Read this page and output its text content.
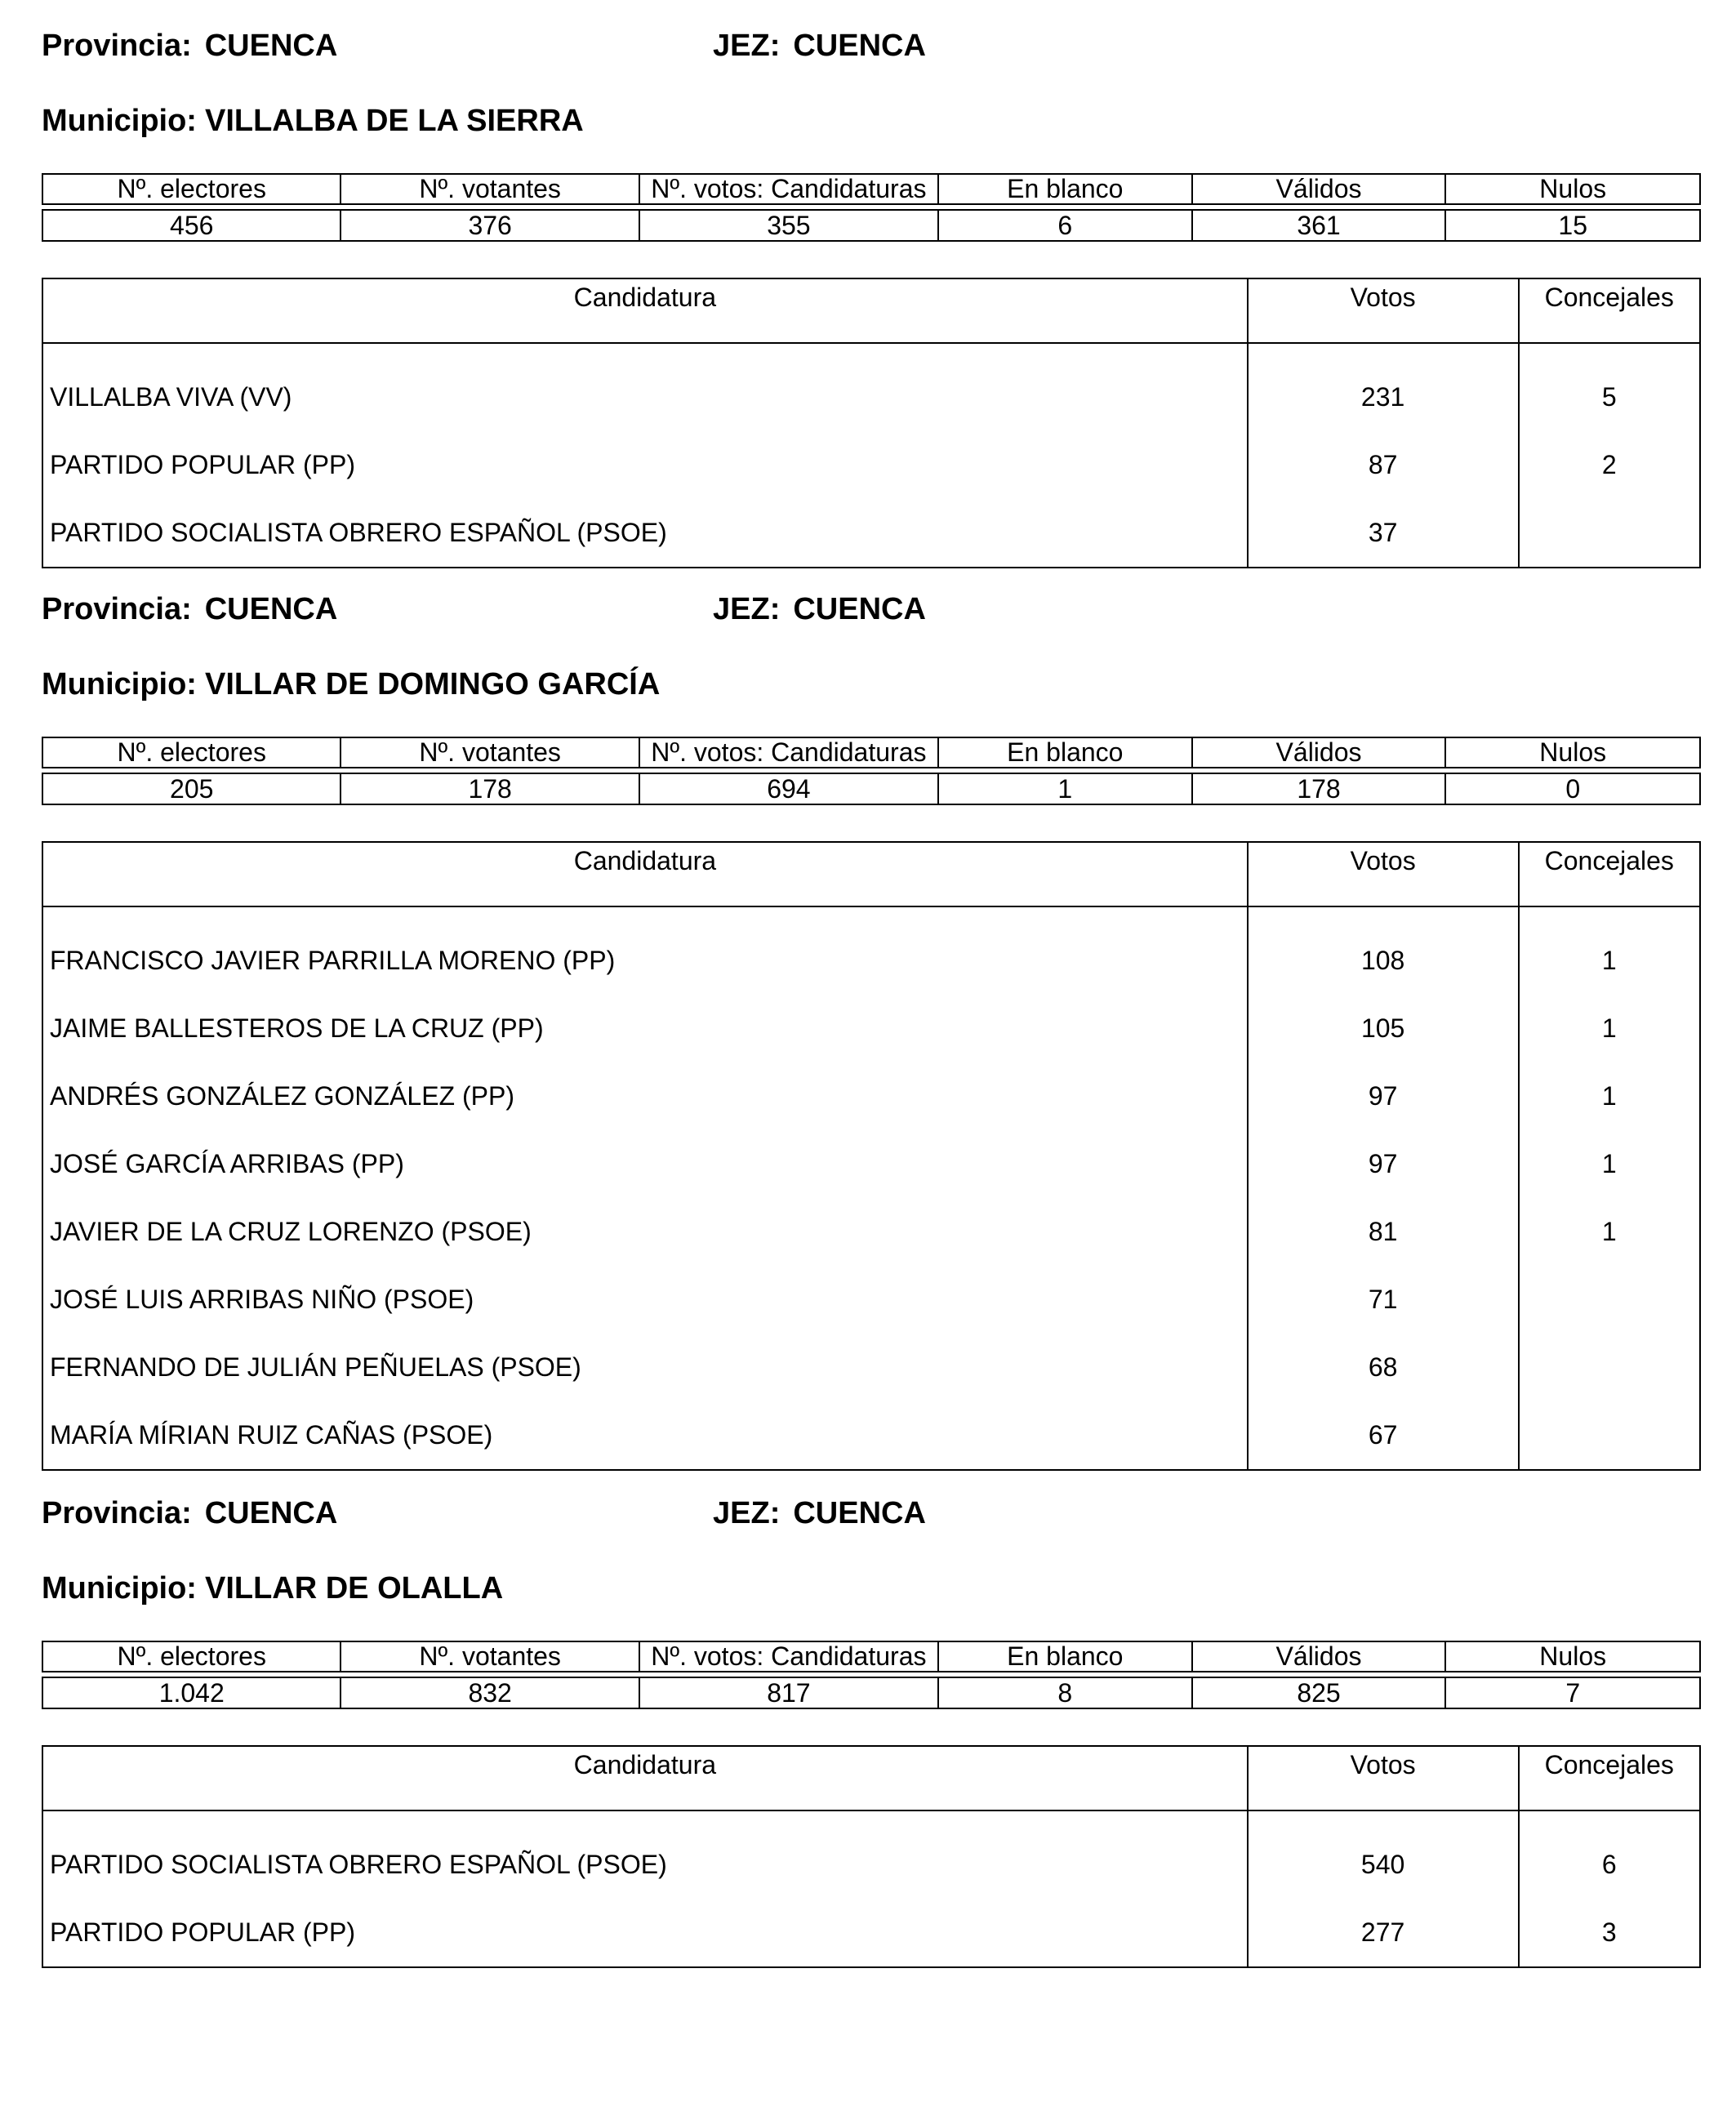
Provincia: CUENCA	JEZ: CUENCA
Municipio: VILLALBA DE LA SIERRA
Nº. electores	Nº. votantes	Nº. votos: Candidaturas	En blanco	Válidos	Nulos

456	376	355	6	361	15
Candidatura	Votos	Concejales
VILLALBA VIVA (VV)	231	5
PARTIDO POPULAR (PP)	87	2
PARTIDO SOCIALISTA OBRERO ESPAÑOL (PSOE)	37	
Provincia: CUENCA	JEZ: CUENCA
Municipio: VILLAR DE DOMINGO GARCÍA
Nº. electores	Nº. votantes	Nº. votos: Candidaturas	En blanco	Válidos	Nulos

205	178	694	1	178	0
Candidatura	Votos	Concejales
FRANCISCO JAVIER PARRILLA MORENO (PP)	108	1
JAIME BALLESTEROS DE LA CRUZ (PP)	105	1
ANDRÉS GONZÁLEZ GONZÁLEZ (PP)	97	1
JOSÉ GARCÍA ARRIBAS (PP)	97	1
JAVIER DE LA CRUZ LORENZO (PSOE)	81	1
JOSÉ LUIS ARRIBAS NIÑO (PSOE)	71	
FERNANDO DE JULIÁN PEÑUELAS (PSOE)	68	
MARÍA MÍRIAN RUIZ CAÑAS (PSOE)	67	
Provincia: CUENCA	JEZ: CUENCA
Municipio: VILLAR DE OLALLA
Nº. electores	Nº. votantes	Nº. votos: Candidaturas	En blanco	Válidos	Nulos

1.042	832	817	8	825	7
Candidatura	Votos	Concejales
PARTIDO SOCIALISTA OBRERO ESPAÑOL (PSOE)	540	6
PARTIDO POPULAR (PP)	277	3
